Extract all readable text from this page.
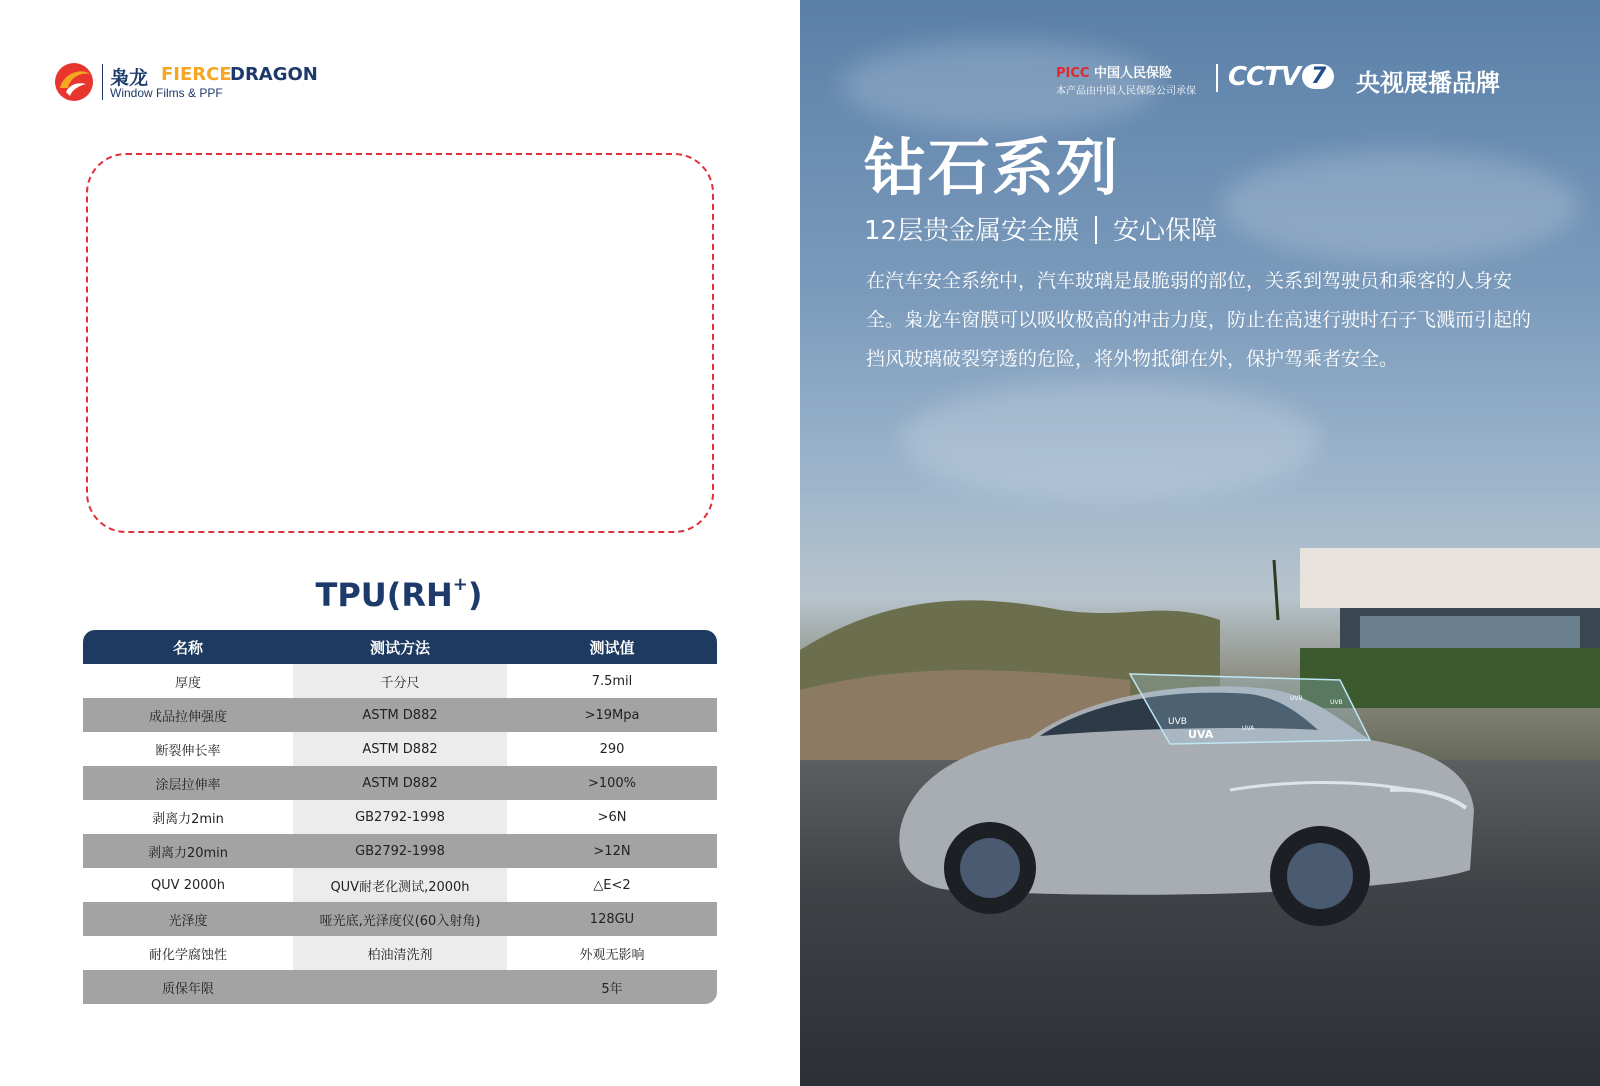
枭龙 FIERCE
DRAGON
Window Films & PPF
TPU(RH+)
名称	测试方法	测试值
厚度	千分尺	7.5mil
成品拉伸强度	ASTM D882	>19Mpa
断裂伸长率	ASTM D882	290
涂层拉伸率	ASTM D882	>100%
剥离力2min	GB2792-1998	>6N
剥离力20min	GB2792-1998	>12N
QUV 2000h	QUV耐老化测试,2000h	△E<2
光泽度	哑光底,光泽度仪(60入射角)	128GU
耐化学腐蚀性	柏油清洗剂	外观无影响
质保年限		5年
UVB
UVA	UVA
UVB
UVB
PICC 中国人民保险
本产品由中国人民保险公司承保 CCTV 7	央视展播品牌
钻石系列
12层贵金属安全膜 安心保障
在汽车安全系统中，汽车玻璃是最脆弱的部位，关系到驾驶员和乘客的人身安全。枭龙车窗膜可以吸收极高的冲击力度，防止在高速行驶时石子飞溅而引起的挡风玻璃破裂穿透的危险，将外物抵御在外，保护驾乘者安全。
